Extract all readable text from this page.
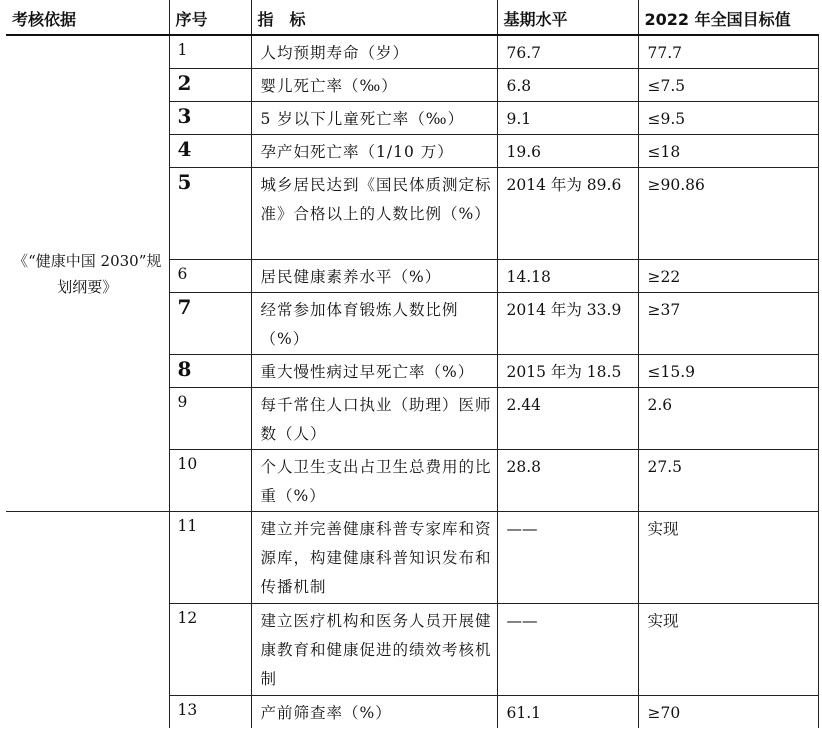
考核依据	序号	指　标	基期水平	2022 年全国目标值
《“健康中国 2030”规划纲要》	1	人均预期寿命（岁）	76.7	77.7
	2	婴儿死亡率（‰）	6.8	≤7.5
	3	5 岁以下儿童死亡率（‰）	9.1	≤9.5
	4	孕产妇死亡率（1/10 万）	19.6	≤18
	5	城乡居民达到《国民体质测定标准》合格以上的人数比例（%）	2014 年为 89.6	≥90.86
	6	居民健康素养水平（%）	14.18	≥22
	7	经常参加体育锻炼人数比例（%）	2014 年为 33.9	≥37
	8	重大慢性病过早死亡率（%）	2015 年为 18.5	≤15.9
	9	每千常住人口执业（助理）医师数（人）	2.44	2.6
	10	个人卫生支出占卫生总费用的比重（%）	28.8	27.5
	11	建立并完善健康科普专家库和资源库，构建健康科普知识发布和传播机制	——	实现
	12	建立医疗机构和医务人员开展健康教育和健康促进的绩效考核机制	——	实现
	13	产前筛查率（%）	61.1	≥70
